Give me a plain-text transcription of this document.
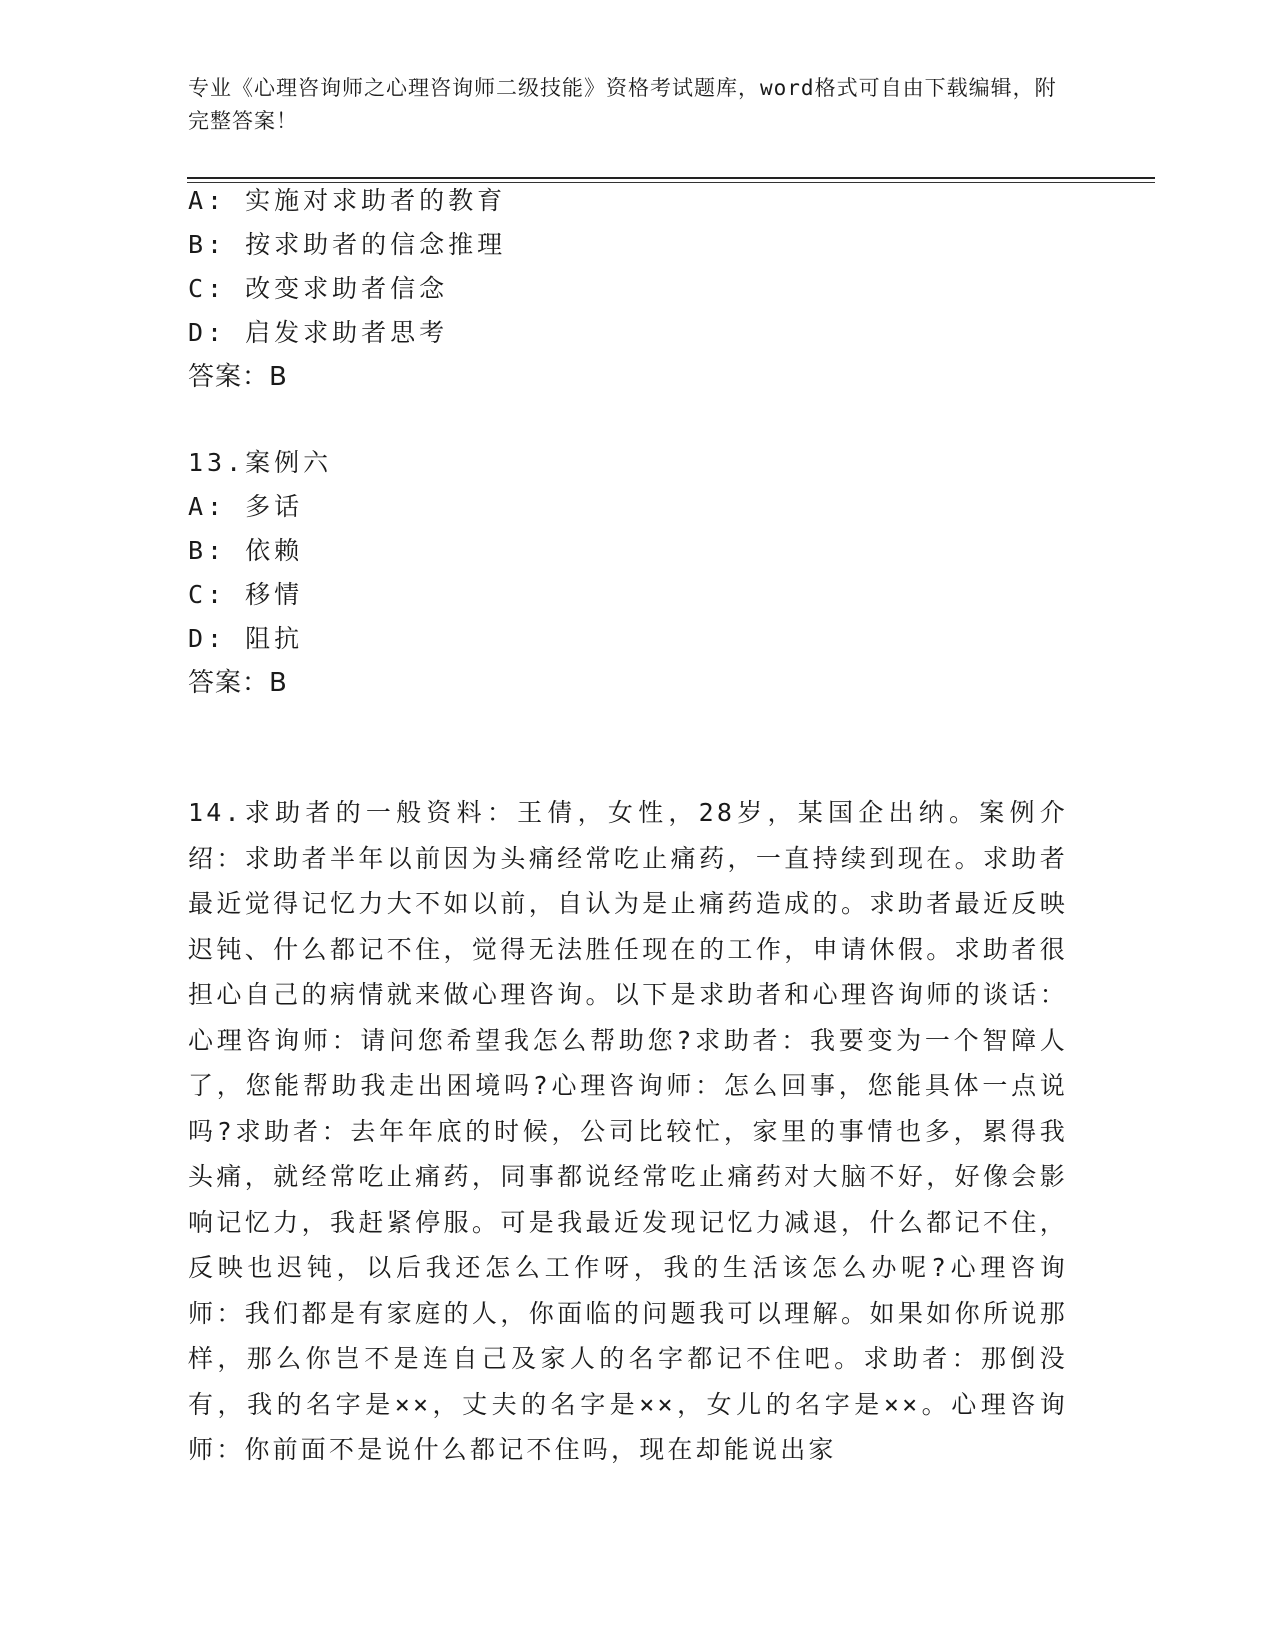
专业《心理咨询师之心理咨询师二级技能》资格考试题库，word格式可自由下载编辑，附完整答案！
A: 实施对求助者的教育
B: 按求助者的信念推理
C: 改变求助者信念
D: 启发求助者思考
答案：B
13.案例六
A: 多话
B: 依赖
C: 移情
D: 阻抗
答案：B
14.求助者的一般资料：王倩，女性，28岁，某国企出纳。案例介绍：求助者半年以前因为头痛经常吃止痛药，一直持续到现在。求助者最近觉得记忆力大不如以前，自认为是止痛药造成的。求助者最近反映迟钝、什么都记不住，觉得无法胜任现在的工作，申请休假。求助者很担心自己的病情就来做心理咨询。以下是求助者和心理咨询师的谈话：心理咨询师：请问您希望我怎么帮助您?求助者：我要变为一个智障人了，您能帮助我走出困境吗?心理咨询师：怎么回事，您能具体一点说吗?求助者：去年年底的时候，公司比较忙，家里的事情也多，累得我头痛，就经常吃止痛药，同事都说经常吃止痛药对大脑不好，好像会影响记忆力，我赶紧停服。可是我最近发现记忆力减退，什么都记不住，反映也迟钝，以后我还怎么工作呀，我的生活该怎么办呢?心理咨询师：我们都是有家庭的人，你面临的问题我可以理解。如果如你所说那样，那么你岂不是连自己及家人的名字都记不住吧。求助者：那倒没有，我的名字是××，丈夫的名字是××，女儿的名字是××。心理咨询师：你前面不是说什么都记不住吗，现在却能说出家
